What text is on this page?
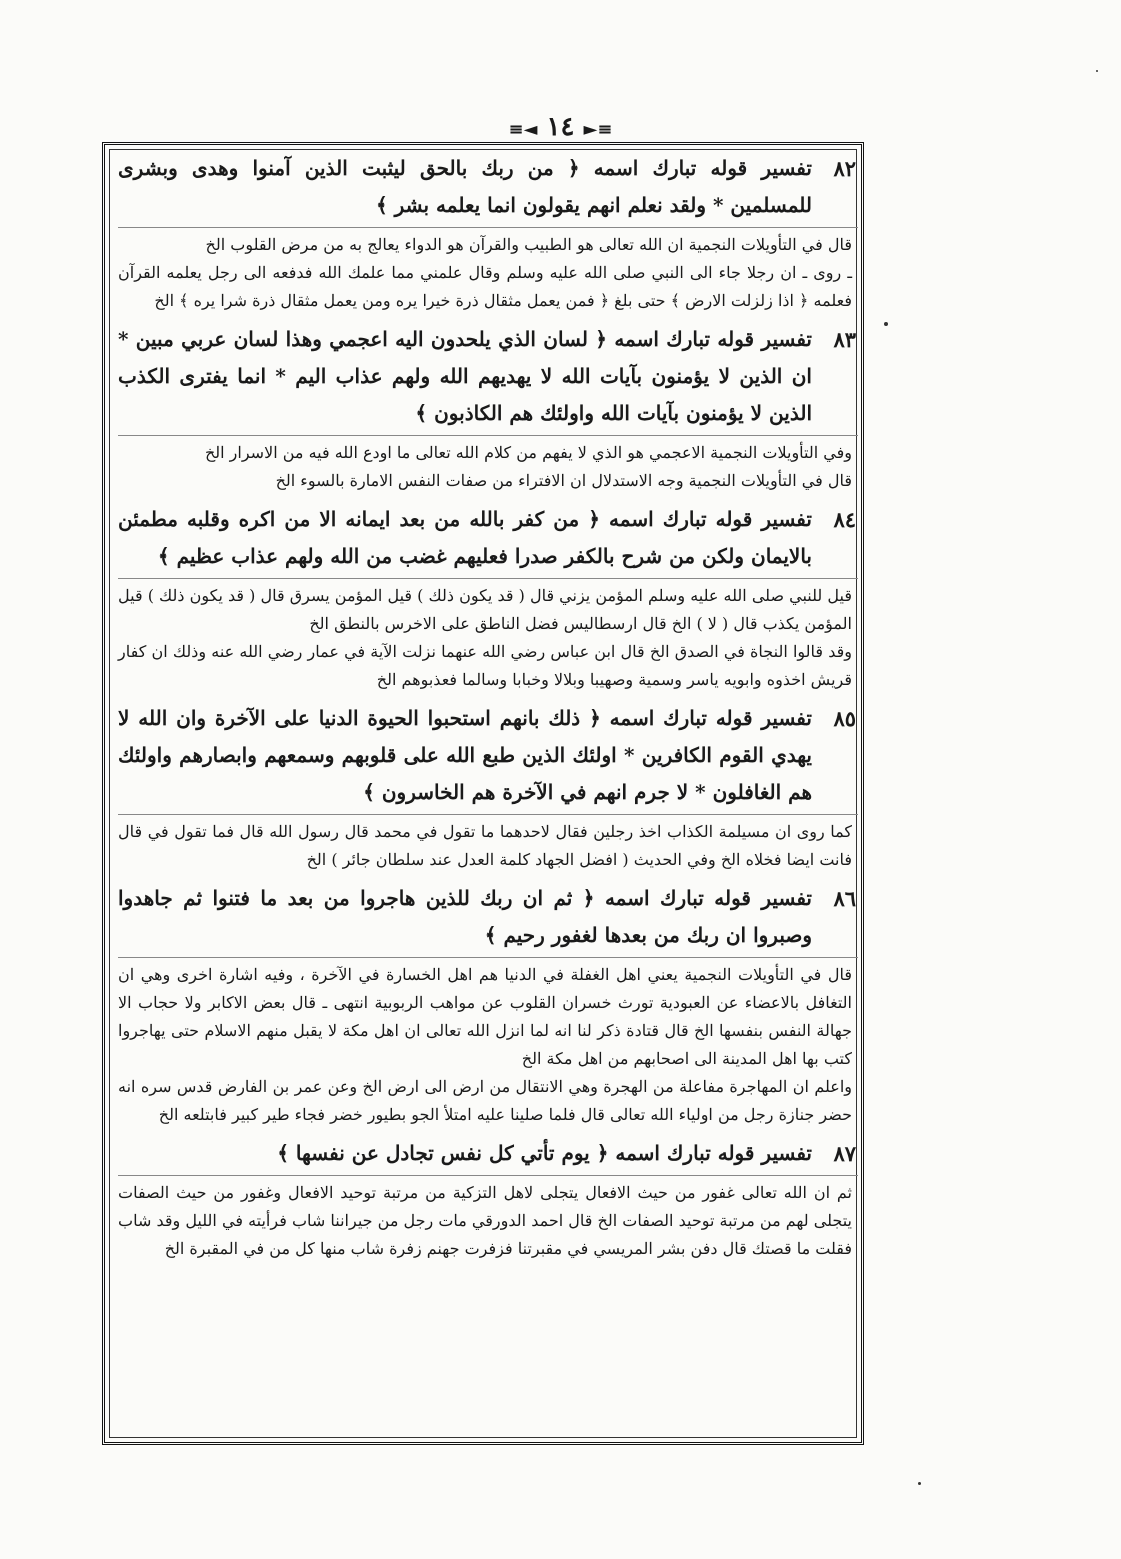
≡► ١٤ ◄≡
٨٢
تفسير قوله تبارك اسمه ﴿ من ربك بالحق ليثبت الذين آمنوا وهدى وبشرى للمسلمين * ولقد نعلم انهم يقولون انما يعلمه بشر ﴾

قال في التأويلات النجمية ان الله تعالى هو الطبيب والقرآن هو الدواء يعالج به من مرض القلوب الخ

ـ روى ـ ان رجلا جاء الى النبي صلى الله عليه وسلم وقال علمني مما علمك الله فدفعه الى رجل يعلمه القرآن فعلمه ﴿ اذا زلزلت الارض ﴾ حتى بلغ ﴿ فمن يعمل مثقال ذرة خيرا يره ومن يعمل مثقال ذرة شرا يره ﴾ الخ

٨٣
تفسير قوله تبارك اسمه ﴿ لسان الذي يلحدون اليه اعجمي وهذا لسان عربي مبين * ان الذين لا يؤمنون بآيات الله لا يهديهم الله ولهم عذاب اليم * انما يفترى الكذب الذين لا يؤمنون بآيات الله واولئك هم الكاذبون ﴾

وفي التأويلات النجمية الاعجمي هو الذي لا يفهم من كلام الله تعالى ما اودع الله فيه من الاسرار الخ

قال في التأويلات النجمية وجه الاستدلال ان الافتراء من صفات النفس الامارة بالسوء الخ

٨٤
تفسير قوله تبارك اسمه ﴿ من كفر بالله من بعد ايمانه الا من اكره وقلبه مطمئن بالايمان ولكن من شرح بالكفر صدرا فعليهم غضب من الله ولهم عذاب عظيم ﴾

قيل للنبي صلى الله عليه وسلم المؤمن يزني قال ( قد يكون ذلك ) قيل المؤمن يسرق قال ( قد يكون ذلك ) قيل المؤمن يكذب قال ( لا ) الخ قال ارسطاليس فضل الناطق على الاخرس بالنطق الخ

وقد قالوا النجاة في الصدق الخ قال ابن عباس رضي الله عنهما نزلت الآية في عمار رضي الله عنه وذلك ان كفار قريش اخذوه وابويه ياسر وسمية وصهيبا وبلالا وخبابا وسالما فعذبوهم الخ

٨٥
تفسير قوله تبارك اسمه ﴿ ذلك بانهم استحبوا الحيوة الدنيا على الآخرة وان الله لا يهدي القوم الكافرين * اولئك الذين طبع الله على قلوبهم وسمعهم وابصارهم واولئك هم الغافلون * لا جرم انهم في الآخرة هم الخاسرون ﴾

كما روى ان مسيلمة الكذاب اخذ رجلين فقال لاحدهما ما تقول في محمد قال رسول الله قال فما تقول في قال فانت ايضا فخلاه الخ وفي الحديث ( افضل الجهاد كلمة العدل عند سلطان جائر ) الخ

٨٦
تفسير قوله تبارك اسمه ﴿ ثم ان ربك للذين هاجروا من بعد ما فتنوا ثم جاهدوا وصبروا ان ربك من بعدها لغفور رحيم ﴾

قال في التأويلات النجمية يعني اهل الغفلة في الدنيا هم اهل الخسارة في الآخرة ، وفيه اشارة اخرى وهي ان التغافل بالاعضاء عن العبودية تورث خسران القلوب عن مواهب الربوبية انتهى ـ قال بعض الاكابر ولا حجاب الا جهالة النفس بنفسها الخ قال قتادة ذكر لنا انه لما انزل الله تعالى ان اهل مكة لا يقبل منهم الاسلام حتى يهاجروا كتب بها اهل المدينة الى اصحابهم من اهل مكة الخ

واعلم ان المهاجرة مفاعلة من الهجرة وهي الانتقال من ارض الى ارض الخ وعن عمر بن الفارض قدس سره انه حضر جنازة رجل من اولياء الله تعالى قال فلما صلينا عليه امتلأ الجو بطيور خضر فجاء طير كبير فابتلعه الخ

٨٧
تفسير قوله تبارك اسمه ﴿ يوم تأتي كل نفس تجادل عن نفسها ﴾

ثم ان الله تعالى غفور من حيث الافعال يتجلى لاهل التزكية من مرتبة توحيد الافعال وغفور من حيث الصفات يتجلى لهم من مرتبة توحيد الصفات الخ قال احمد الدورقي مات رجل من جيراننا شاب فرأيته في الليل وقد شاب فقلت ما قصتك قال دفن بشر المريسي في مقبرتنا فزفرت جهنم زفرة شاب منها كل من في المقبرة الخ
